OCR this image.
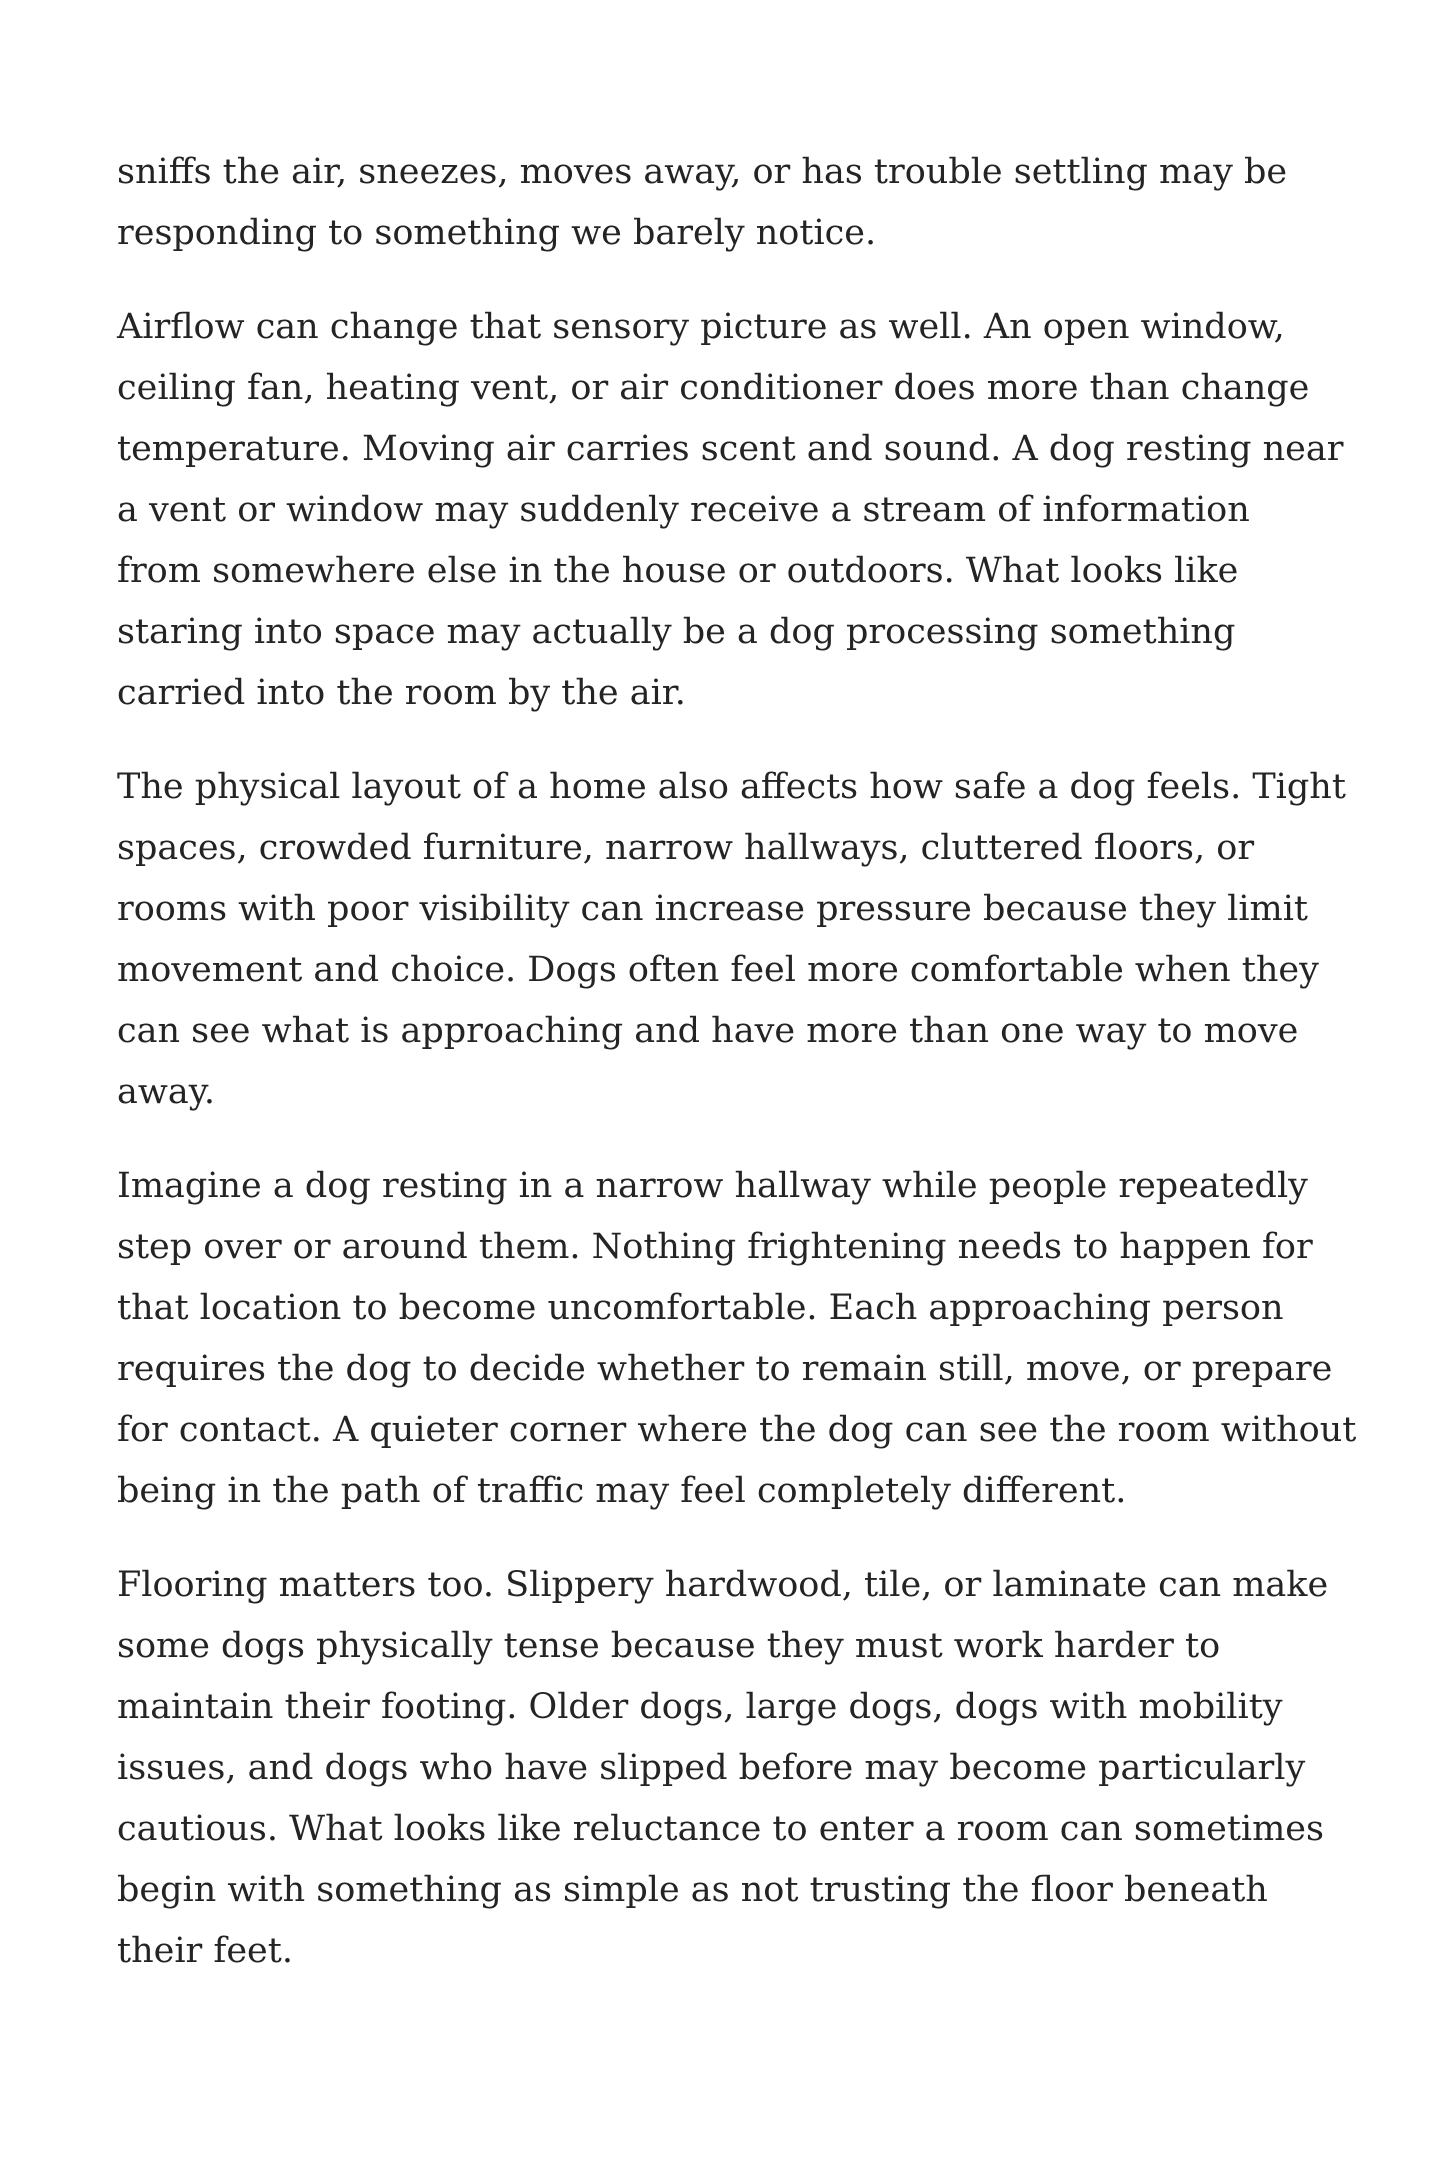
sniffs the air, sneezes, moves away, or has trouble settling may be
responding to something we barely notice.

Airflow can change that sensory picture as well. An open window,
ceiling fan, heating vent, or air conditioner does more than change
temperature. Moving air carries scent and sound. A dog resting near
a vent or window may suddenly receive a stream of information
from somewhere else in the house or outdoors. What looks like
staring into space may actually be a dog processing something
carried into the room by the air.

The physical layout of a home also affects how safe a dog feels. Tight
spaces, crowded furniture, narrow hallways, cluttered floors, or
rooms with poor visibility can increase pressure because they limit
movement and choice. Dogs often feel more comfortable when they
can see what is approaching and have more than one way to move
away.

Imagine a dog resting in a narrow hallway while people repeatedly
step over or around them. Nothing frightening needs to happen for
that location to become uncomfortable. Each approaching person
requires the dog to decide whether to remain still, move, or prepare
for contact. A quieter corner where the dog can see the room without
being in the path of traffic may feel completely different.

Flooring matters too. Slippery hardwood, tile, or laminate can make
some dogs physically tense because they must work harder to
maintain their footing. Older dogs, large dogs, dogs with mobility
issues, and dogs who have slipped before may become particularly
cautious. What looks like reluctance to enter a room can sometimes
begin with something as simple as not trusting the floor beneath
their feet.
